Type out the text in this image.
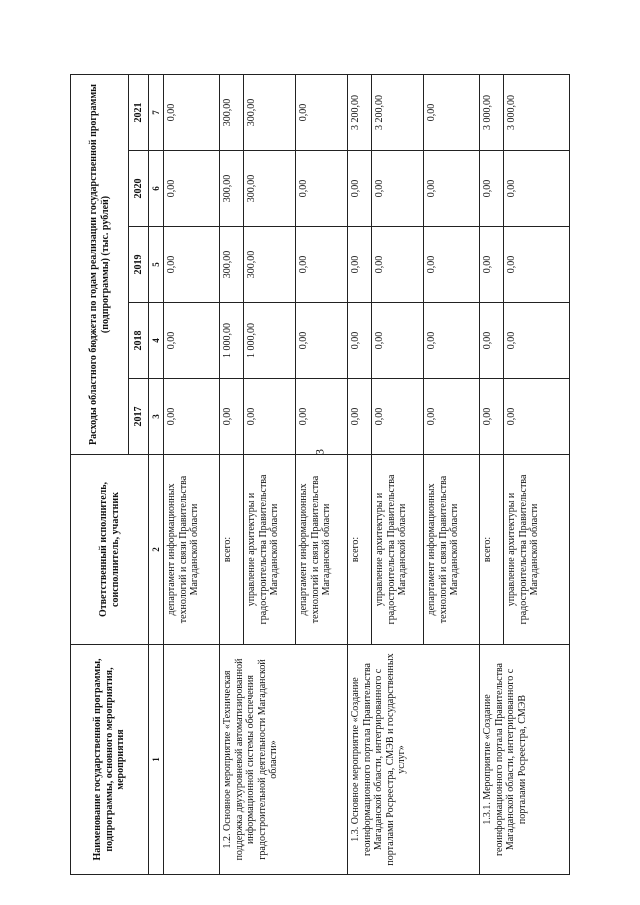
3
Наименование государственной программы, подпрограммы, основного мероприятия, мероприятия	Ответственный исполнитель, соисполнитель, участник	Расходы областного бюджета по годам реализации государственной программы (подпрограммы) (тыс. рублей)				
		2017	2018	2019	2020	2021
1	2	3	4	5	6	7
	департамент информационных технологий и связи Правительства Магаданской области	0,00	0,00	0,00	0,00	0,00
1.2. Основное мероприятие «Техническая поддержка двухуровневой автоматизированной информационной системы обеспечения градостроительной деятельности Магаданской области»	всего:	0,00	1 000,00	300,00	300,00	300,00
	управление архитектуры и градостроительства Правительства Магаданской области	0,00	1 000,00	300,00	300,00	300,00
	департамент информационных технологий и связи Правительства Магаданской области	0,00	0,00	0,00	0,00	0,00
1.3. Основное мероприятие «Создание геоинформационного портала Правительства Магаданской области, интегрированного с порталами Росреестра, СМЭВ и государственных услуг»	всего:	0,00	0,00	0,00	0,00	3 200,00
	управление архитектуры и градостроительства Правительства Магаданской области	0,00	0,00	0,00	0,00	3 200,00
	департамент информационных технологий и связи Правительства Магаданской области	0,00	0,00	0,00	0,00	0,00
1.3.1. Мероприятие «Создание геоинформационного портала Правительства Магаданской области, интегрированного с порталами Росреестра, СМЭВ	всего:	0,00	0,00	0,00	0,00	3 000,00
	управление архитектуры и градостроительства Правительства Магаданской области	0,00	0,00	0,00	0,00	3 000,00
